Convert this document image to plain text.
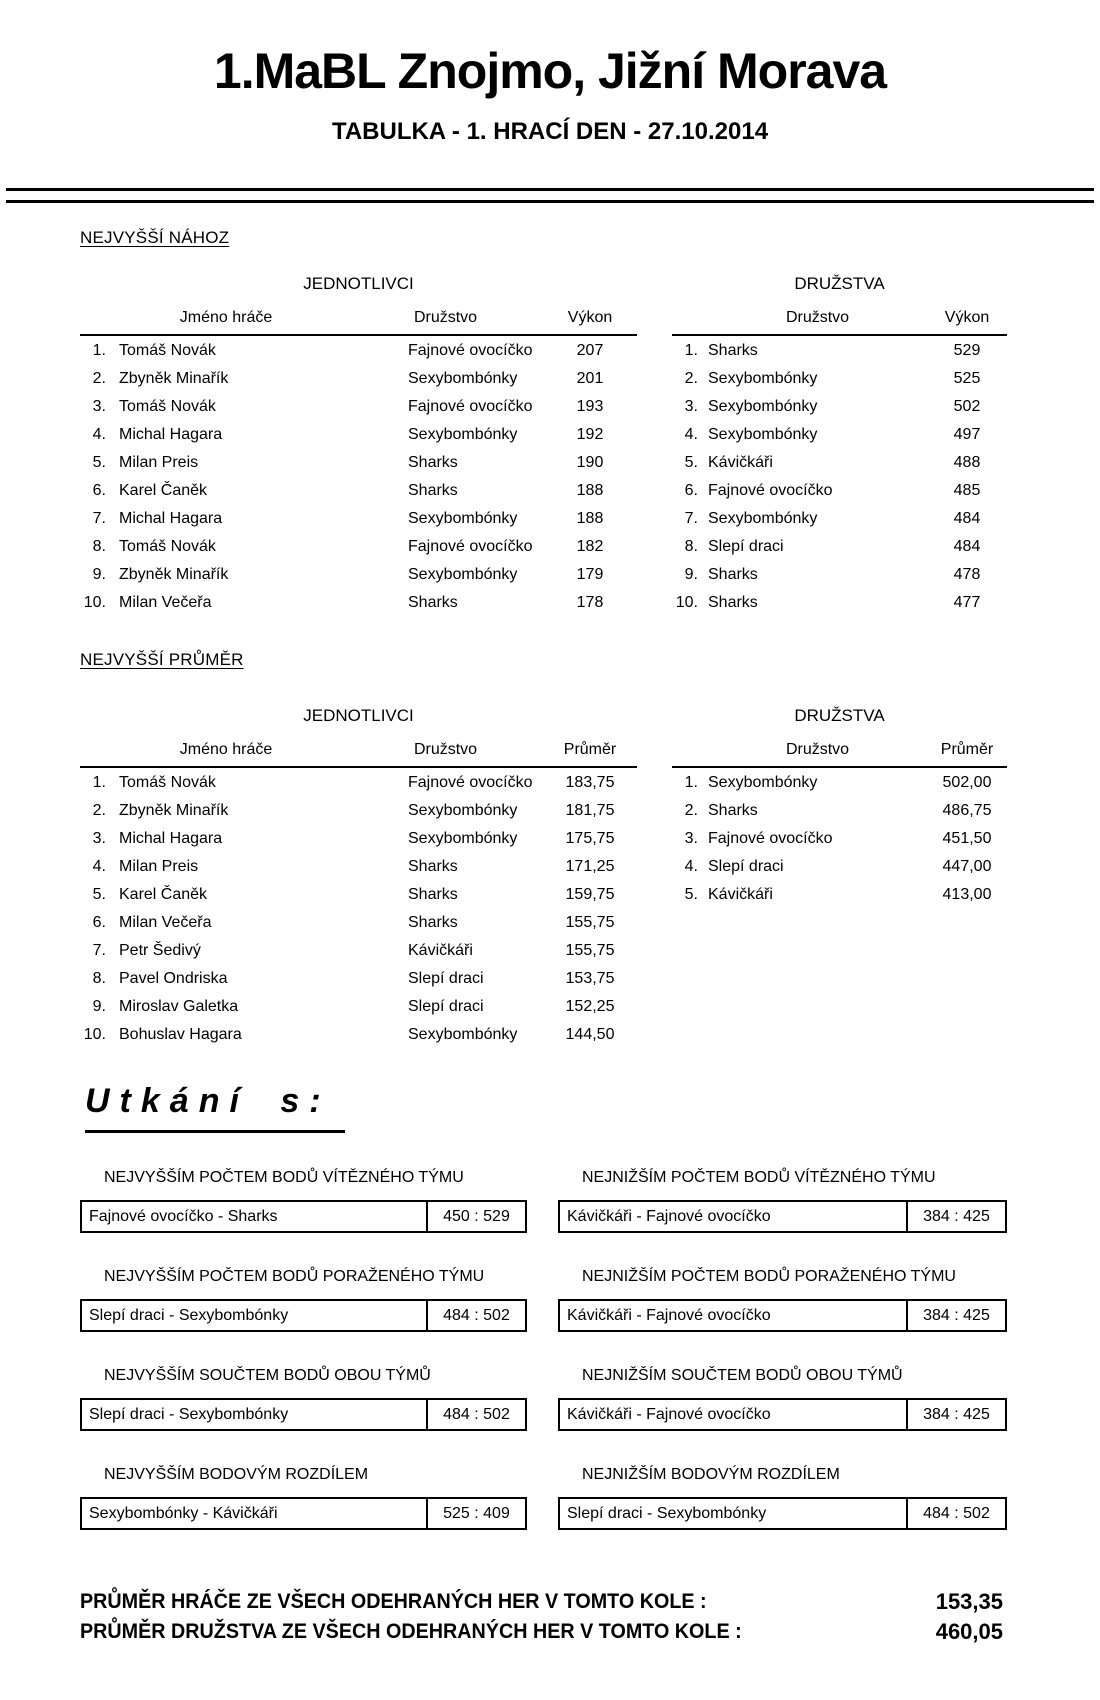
1.MaBL Znojmo, Jižní Morava
TABULKA - 1. HRACÍ DEN - 27.10.2014
NEJVYŠŠÍ NÁHOZ
JEDNOTLIVCI
Jméno hráče	Družstvo	Výkon
1. Tomáš Novák	Fajnové ovocíčko	207
2. Zbyněk Minařík	Sexybombónky	201
3. Tomáš Novák	Fajnové ovocíčko	193
4. Michal Hagara	Sexybombónky	192
5. Milan Preis	Sharks	190
6. Karel Čaněk	Sharks	188
7. Michal Hagara	Sexybombónky	188
8. Tomáš Novák	Fajnové ovocíčko	182
9. Zbyněk Minařík	Sexybombónky	179
10. Milan Večeřa	Sharks	178
DRUŽSTVA
Družstvo	Výkon
1. Sharks	529
2. Sexybombónky	525
3. Sexybombónky	502
4. Sexybombónky	497
5. Kávičkáři	488
6. Fajnové ovocíčko	485
7. Sexybombónky	484
8. Slepí draci	484
9. Sharks	478
10. Sharks	477
NEJVYŠŠÍ PRŮMĚR
JEDNOTLIVCI
Jméno hráče	Družstvo	Průměr
1. Tomáš Novák	Fajnové ovocíčko	183,75
2. Zbyněk Minařík	Sexybombónky	181,75
3. Michal Hagara	Sexybombónky	175,75
4. Milan Preis	Sharks	171,25
5. Karel Čaněk	Sharks	159,75
6. Milan Večeřa	Sharks	155,75
7. Petr Šedivý	Kávičkáři	155,75
8. Pavel Ondriska	Slepí draci	153,75
9. Miroslav Galetka	Slepí draci	152,25
10. Bohuslav Hagara	Sexybombónky	144,50
DRUŽSTVA
Družstvo	Průměr
1. Sexybombónky	502,00
2. Sharks	486,75
3. Fajnové ovocíčko	451,50
4. Slepí draci	447,00
5. Kávičkáři	413,00
Utkání s:
NEJVYŠŠÍM POČTEM BODŮ VÍTĚZNÉHO TÝMU
Fajnové ovocíčko - Sharks	450 : 529
NEJNIŽŠÍM POČTEM BODŮ VÍTĚZNÉHO TÝMU
Kávičkáři - Fajnové ovocíčko	384 : 425
NEJVYŠŠÍM POČTEM BODŮ PORAŽENÉHO TÝMU
Slepí draci - Sexybombónky	484 : 502
NEJNIŽŠÍM POČTEM BODŮ PORAŽENÉHO TÝMU
Kávičkáři - Fajnové ovocíčko	384 : 425
NEJVYŠŠÍM SOUČTEM BODŮ OBOU TÝMŮ
Slepí draci - Sexybombónky	484 : 502
NEJNIŽŠÍM SOUČTEM BODŮ OBOU TÝMŮ
Kávičkáři - Fajnové ovocíčko	384 : 425
NEJVYŠŠÍM BODOVÝM ROZDÍLEM
Sexybombónky - Kávičkáři	525 : 409
NEJNIŽŠÍM BODOVÝM ROZDÍLEM
Slepí draci - Sexybombónky	484 : 502
PRŮMĚR HRÁČE ZE VŠECH ODEHRANÝCH HER V TOMTO KOLE :	153,35
PRŮMĚR DRUŽSTVA ZE VŠECH ODEHRANÝCH HER V TOMTO KOLE :	460,05
